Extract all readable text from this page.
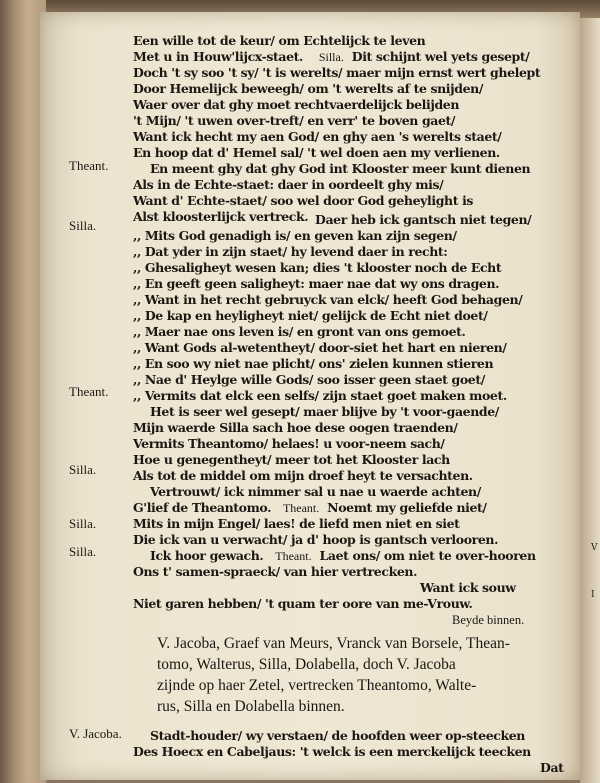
V
I
Een wille tot de keur/ om Echtelijck te leven
Met u in Houw'lijcx-staet. Silla. Dit schijnt wel yets gesept/
Doch 't sy soo 't sy/ 't is werelts/ maer mijn ernst wert ghelept
Door Hemelijck beweegh/ om 't werelts af te snijden/
Waer over dat ghy moet rechtvaerdelijck belijden
't Mijn/ 't uwen over-treft/ en verr' te boven gaet/
Want ick hecht my aen God/ en ghy aen 's werelts staet/
En hoop dat d' Hemel sal/ 't wel doen aen my verlienen.
Theant.	En meent ghy dat ghy God int Klooster meer kunt dienen
Als in de Echte-staet: daer in oordeelt ghy mis/
Want d' Echte-staet/ soo wel door God geheylight is
Alst kloosterlijck vertreck.
Silla.	Daer heb ick gantsch niet tegen/
,, Mits God genadigh is/ en geven kan zijn segen/
,, Dat yder in zijn staet/ hy levend daer in recht:
,, Ghesaligheyt wesen kan; dies 't klooster noch de Echt
,, En geeft geen saligheyt: maer nae dat wy ons dragen.
,, Want in het recht gebruyck van elck/ heeft God behagen/
,, De kap en heyligheyt niet/ gelijck de Echt niet doet/
,, Maer nae ons leven is/ en gront van ons gemoet.
,, Want Gods al-wetentheyt/ door-siet het hart en nieren/
,, En soo wy niet nae plicht/ ons' zielen kunnen stieren
,, Nae d' Heylge wille Gods/ soo isser geen staet goet/
,, Vermits dat elck een selfs/ zijn staet goet maken moet.
Theant.
Het is seer wel gesept/ maer blijve by 't voor-gaende/
Mijn waerde Silla sach hoe dese oogen traenden/
Vermits Theantomo/ helaes! u voor-neem sach/
Hoe u genegentheyt/ meer tot het Klooster lach
Als tot de middel om mijn droef heyt te versachten.
Silla.
Vertrouwt/ ick nimmer sal u nae u waerde achten/
G'lief de Theantomo. Theant. Noemt my geliefde niet/
Mits in mijn Engel/ laes! de liefd men niet en siet
Die ick van u verwacht/ ja d' hoop is gantsch verlooren.
Silla.
Ick hoor gewach. Theant. Laet ons/ om niet te over-hooren
Ons t' samen-spraeck/ van hier vertrecken.
Silla.
Want ick souw
Niet garen hebben/ 't quam ter oore van me-Vrouw.
Beyde binnen.
V. Jacoba, Graef van Meurs, Vranck van Borsele, Thean-
tomo, Walterus, Silla, Dolabella, doch V. Jacoba
zijnde op haer Zetel, vertrecken Theantomo, Walte-
rus, Silla en Dolabella binnen.
V. Jacoba. Stadt-houder/ wy verstaen/ de hoofden weer op-steecken
Des Hoecx en Cabeljaus: 't welck is een merckelijck teecken
Dat
